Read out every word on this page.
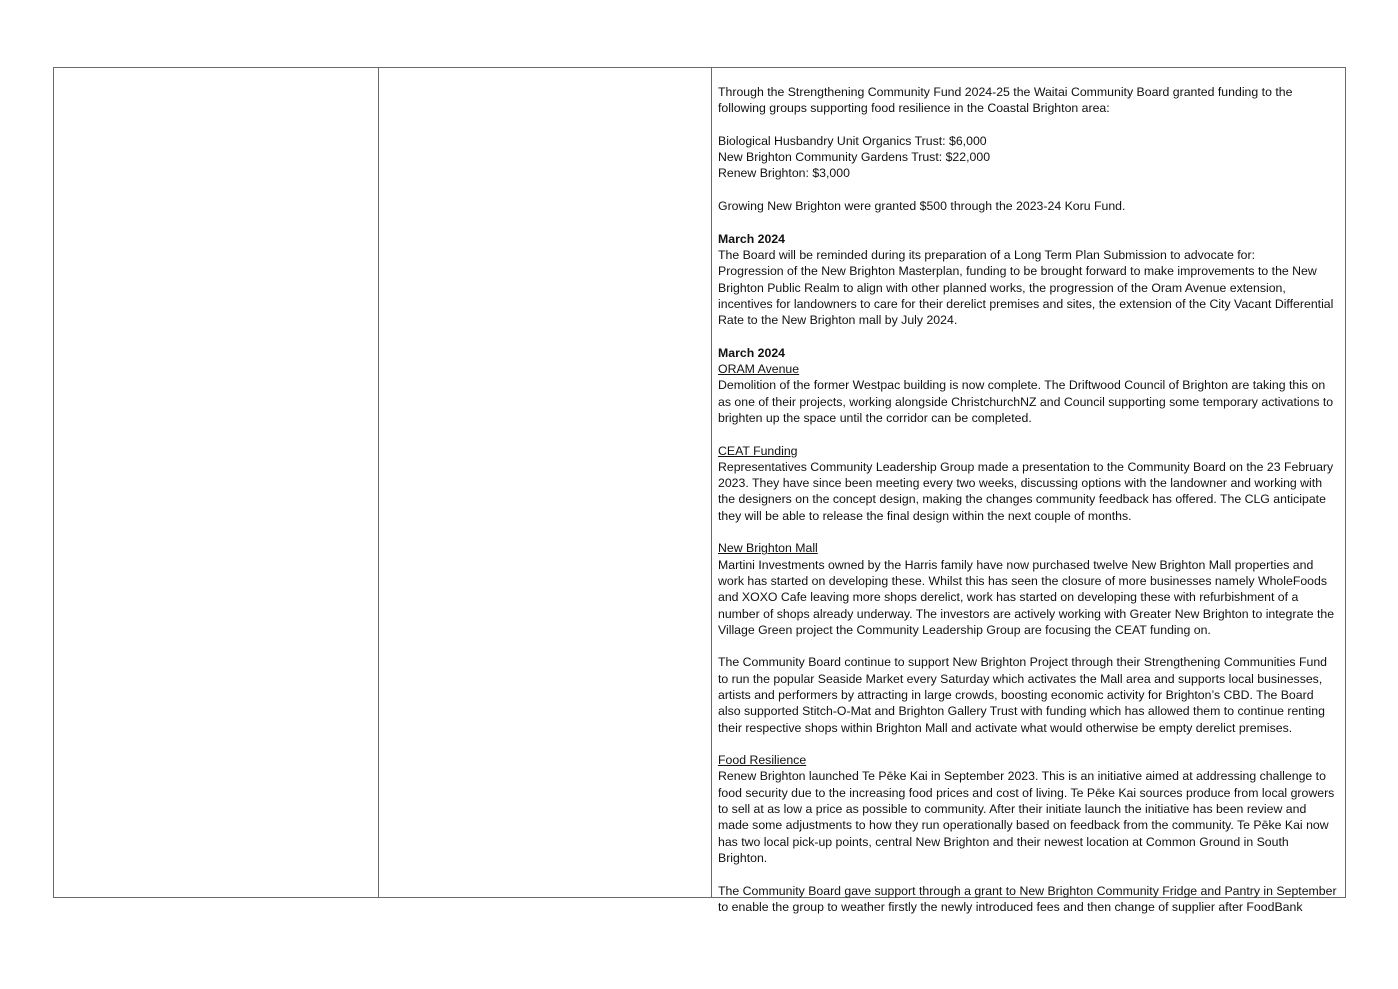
Through the Strengthening Community Fund 2024-25 the Waitai Community Board granted funding to the following groups supporting food resilience in the Coastal Brighton area:

Biological Husbandry Unit Organics Trust: $6,000
New Brighton Community Gardens Trust: $22,000
Renew Brighton: $3,000

Growing New Brighton were granted $500 through the 2023-24 Koru Fund.

March 2024
The Board will be reminded during its preparation of a Long Term Plan Submission to advocate for:
Progression of the New Brighton Masterplan, funding to be brought forward to make improvements to the New Brighton Public Realm to align with other planned works, the progression of the Oram Avenue extension, incentives for landowners to care for their derelict premises and sites, the extension of the City Vacant Differential Rate to the New Brighton mall by July 2024.

March 2024
ORAM Avenue
Demolition of the former Westpac building is now complete. The Driftwood Council of Brighton are taking this on as one of their projects, working alongside ChristchurchNZ and Council supporting some temporary activations to brighten up the space until the corridor can be completed.

CEAT Funding
Representatives Community Leadership Group made a presentation to the Community Board on the 23 February 2023. They have since been meeting every two weeks, discussing options with the landowner and working with the designers on the concept design, making the changes community feedback has offered. The CLG anticipate they will be able to release the final design within the next couple of months.

New Brighton Mall
Martini Investments owned by the Harris family have now purchased twelve New Brighton Mall properties and work has started on developing these. Whilst this has seen the closure of more businesses namely WholeFoods and XOXO Cafe leaving more shops derelict, work has started on developing these with refurbishment of a number of shops already underway. The investors are actively working with Greater New Brighton to integrate the Village Green project the Community Leadership Group are focusing the CEAT funding on.

The Community Board continue to support New Brighton Project through their Strengthening Communities Fund to run the popular Seaside Market every Saturday which activates the Mall area and supports local businesses, artists and performers by attracting in large crowds, boosting economic activity for Brighton’s CBD. The Board also supported Stitch-O-Mat and Brighton Gallery Trust with funding which has allowed them to continue renting their respective shops within Brighton Mall and activate what would otherwise be empty derelict premises.

Food Resilience
Renew Brighton launched Te Pēke Kai in September 2023. This is an initiative aimed at addressing challenge to food security due to the increasing food prices and cost of living. Te Pēke Kai sources produce from local growers to sell at as low a price as possible to community. After their initiate launch the initiative has been review and made some adjustments to how they run operationally based on feedback from the community. Te Pēke Kai now has two local pick-up points, central New Brighton and their newest location at Common Ground in South Brighton.

The Community Board gave support through a grant to New Brighton Community Fridge and Pantry in September to enable the group to weather firstly the newly introduced fees and then change of supplier after FoodBank
